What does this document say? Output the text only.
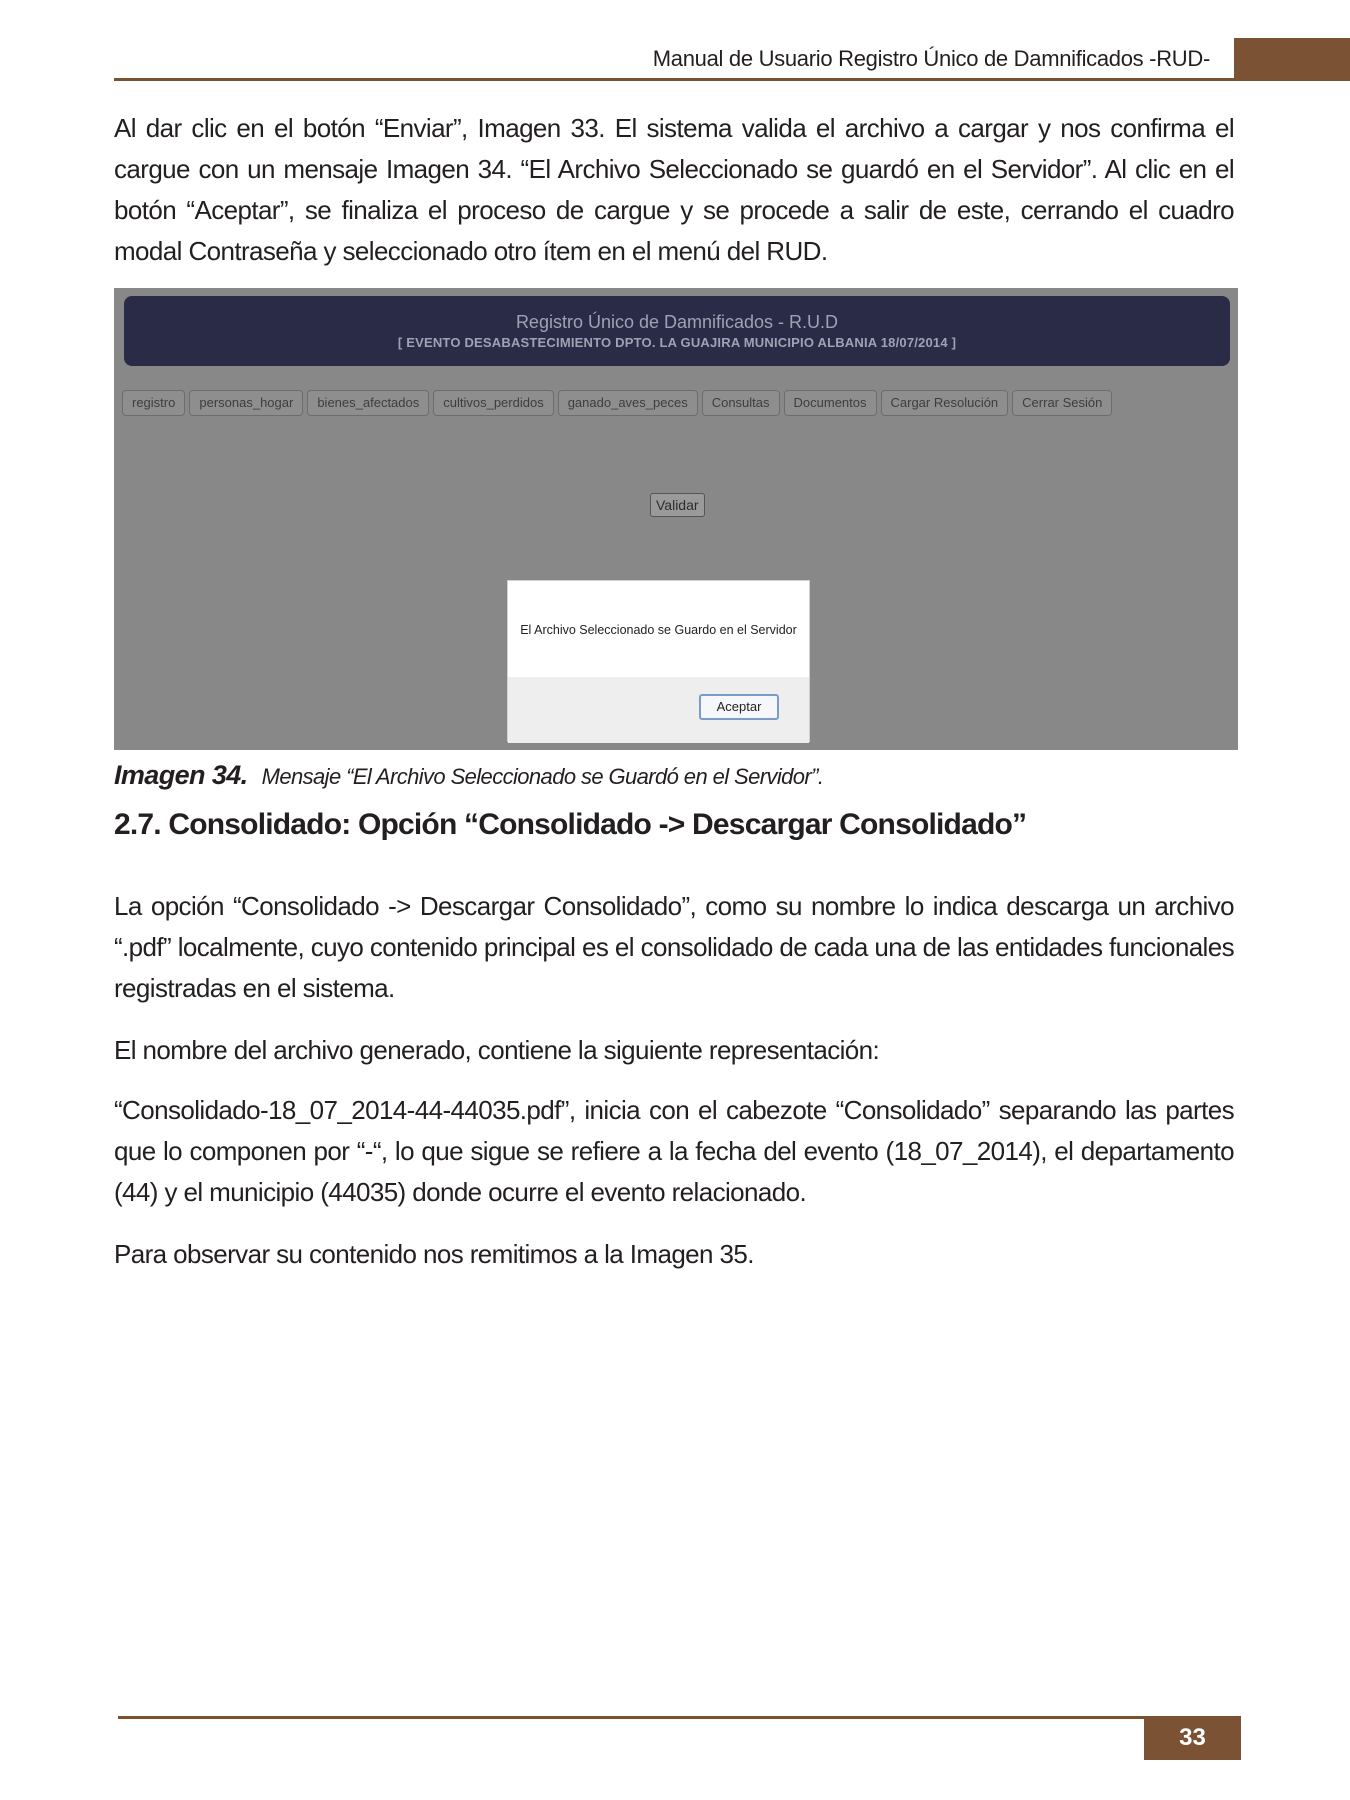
Manual de Usuario Registro Único de Damnificados -RUD-

Al dar clic en el botón “Enviar”, Imagen 33. El sistema valida el archivo a cargar y nos confirma el cargue con un mensaje Imagen 34. “El Archivo Seleccionado se guardó en el Servidor”. Al clic en el botón “Aceptar”, se finaliza el proceso de cargue y se procede a salir de este, cerrando el cuadro modal Contraseña y seleccionado otro ítem en el menú del RUD.

Registro Único de Damnificados - R.U.D
[ EVENTO DESABASTECIMIENTO DPTO. LA GUAJIRA MUNICIPIO ALBANIA 18/07/2014 ]
registro	personas_hogar	bienes_afectados	cultivos_perdidos	ganado_aves_peces	Consultas	Documentos	Cargar Resolución	Cerrar Sesión
Validar
El Archivo Seleccionado se Guardo en el Servidor
Aceptar
Imagen 34. Mensaje “El Archivo Seleccionado se Guardó en el Servidor”.
2.7. Consolidado: Opción “Consolidado -> Descargar Consolidado”

La opción “Consolidado -> Descargar Consolidado”, como su nombre lo indica descarga un archivo “.pdf” localmente, cuyo contenido principal es el consolidado de cada una de las entidades funcionales registradas en el sistema.

El nombre del archivo generado, contiene la siguiente representación:

“Consolidado-18_07_2014-44-44035.pdf”, inicia con el cabezote “Consolidado” separando las partes que lo componen por “-“, lo que sigue se refiere a la fecha del evento (18_07_2014), el departamento (44) y el municipio (44035) donde ocurre el evento relacionado.

Para observar su contenido nos remitimos a la Imagen 35.

33
